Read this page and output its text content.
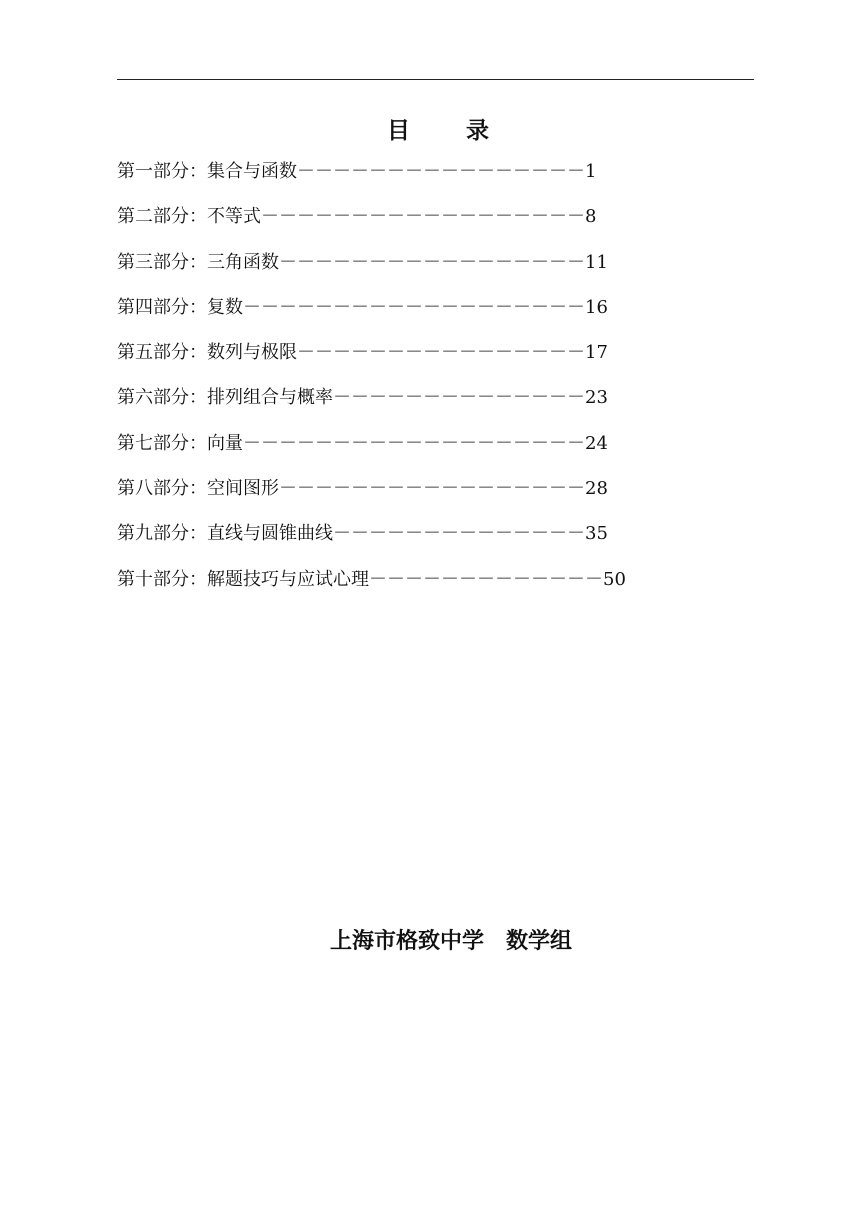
目 录
第一部分：集合与函数－－－－－－－－－－－－－－－－1
第二部分：不等式－－－－－－－－－－－－－－－－－－8
第三部分：三角函数－－－－－－－－－－－－－－－－－11
第四部分：复数－－－－－－－－－－－－－－－－－－－16
第五部分：数列与极限－－－－－－－－－－－－－－－－17
第六部分：排列组合与概率－－－－－－－－－－－－－－23
第七部分：向量－－－－－－－－－－－－－－－－－－－24
第八部分：空间图形－－－－－－－－－－－－－－－－－28
第九部分：直线与圆锥曲线－－－－－－－－－－－－－－35
第十部分：解题技巧与应试心理－－－－－－－－－－－－－50
上海市格致中学　数学组
